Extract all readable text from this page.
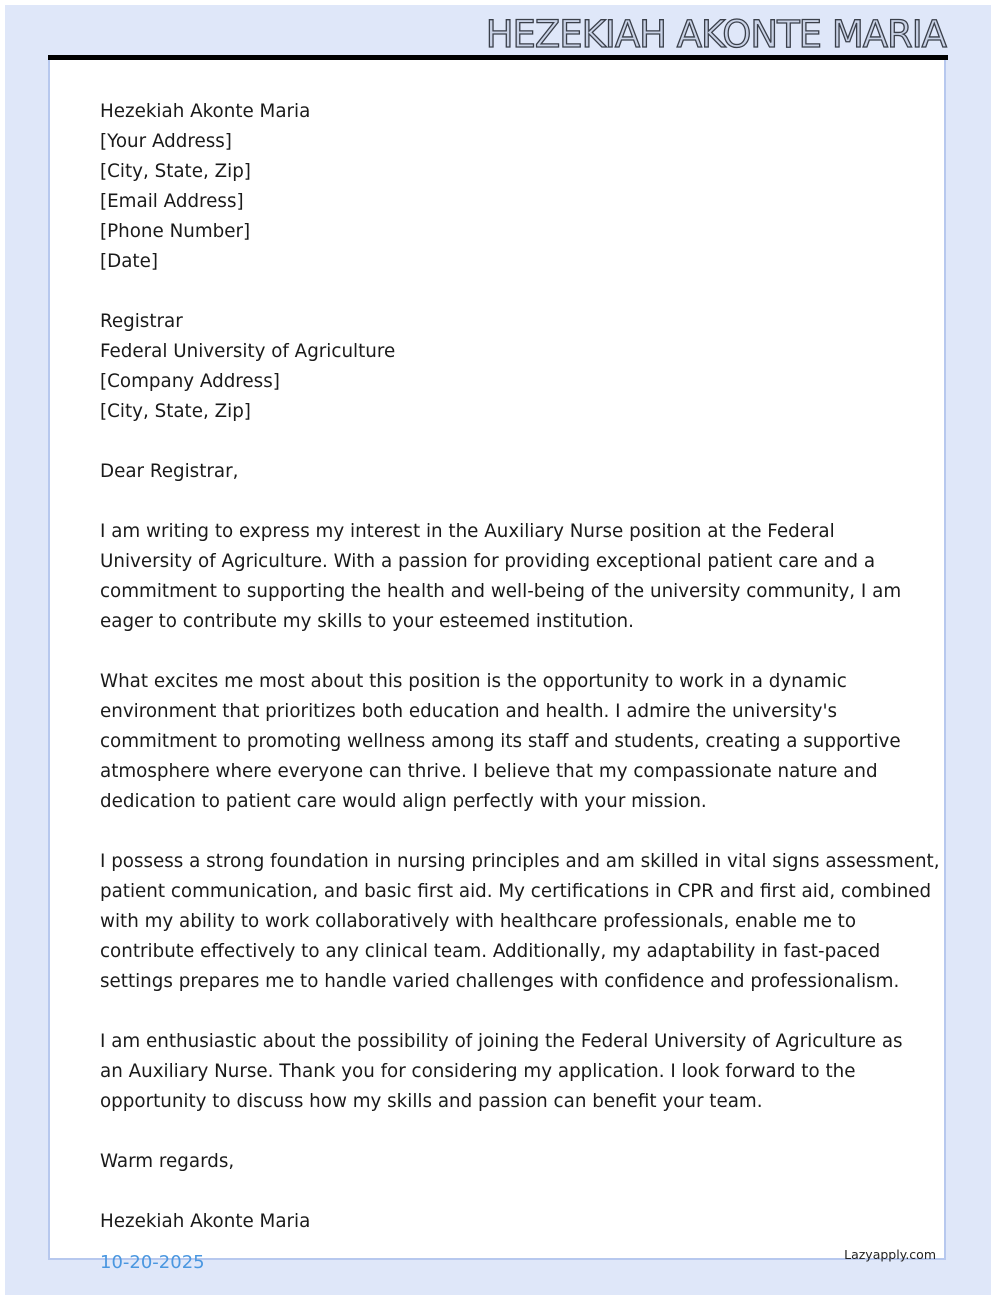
HEZEKIAH AKONTE MARIA
Hezekiah Akonte Maria
[Your Address]
[City, State, Zip]
[Email Address]
[Phone Number]
[Date]
Registrar
Federal University of Agriculture
[Company Address]
[City, State, Zip]
Dear Registrar,
I am writing to express my interest in the Auxiliary Nurse position at the Federal
University of Agriculture. With a passion for providing exceptional patient care and a
commitment to supporting the health and well-being of the university community, I am
eager to contribute my skills to your esteemed institution.
What excites me most about this position is the opportunity to work in a dynamic
environment that prioritizes both education and health. I admire the university's
commitment to promoting wellness among its staff and students, creating a supportive
atmosphere where everyone can thrive. I believe that my compassionate nature and
dedication to patient care would align perfectly with your mission.
I possess a strong foundation in nursing principles and am skilled in vital signs assessment,
patient communication, and basic first aid. My certifications in CPR and first aid, combined
with my ability to work collaboratively with healthcare professionals, enable me to
contribute effectively to any clinical team. Additionally, my adaptability in fast-paced
settings prepares me to handle varied challenges with confidence and professionalism.
I am enthusiastic about the possibility of joining the Federal University of Agriculture as
an Auxiliary Nurse. Thank you for considering my application. I look forward to the
opportunity to discuss how my skills and passion can benefit your team.
Warm regards,
Hezekiah Akonte Maria
10-20-2025	Lazyapply.com
